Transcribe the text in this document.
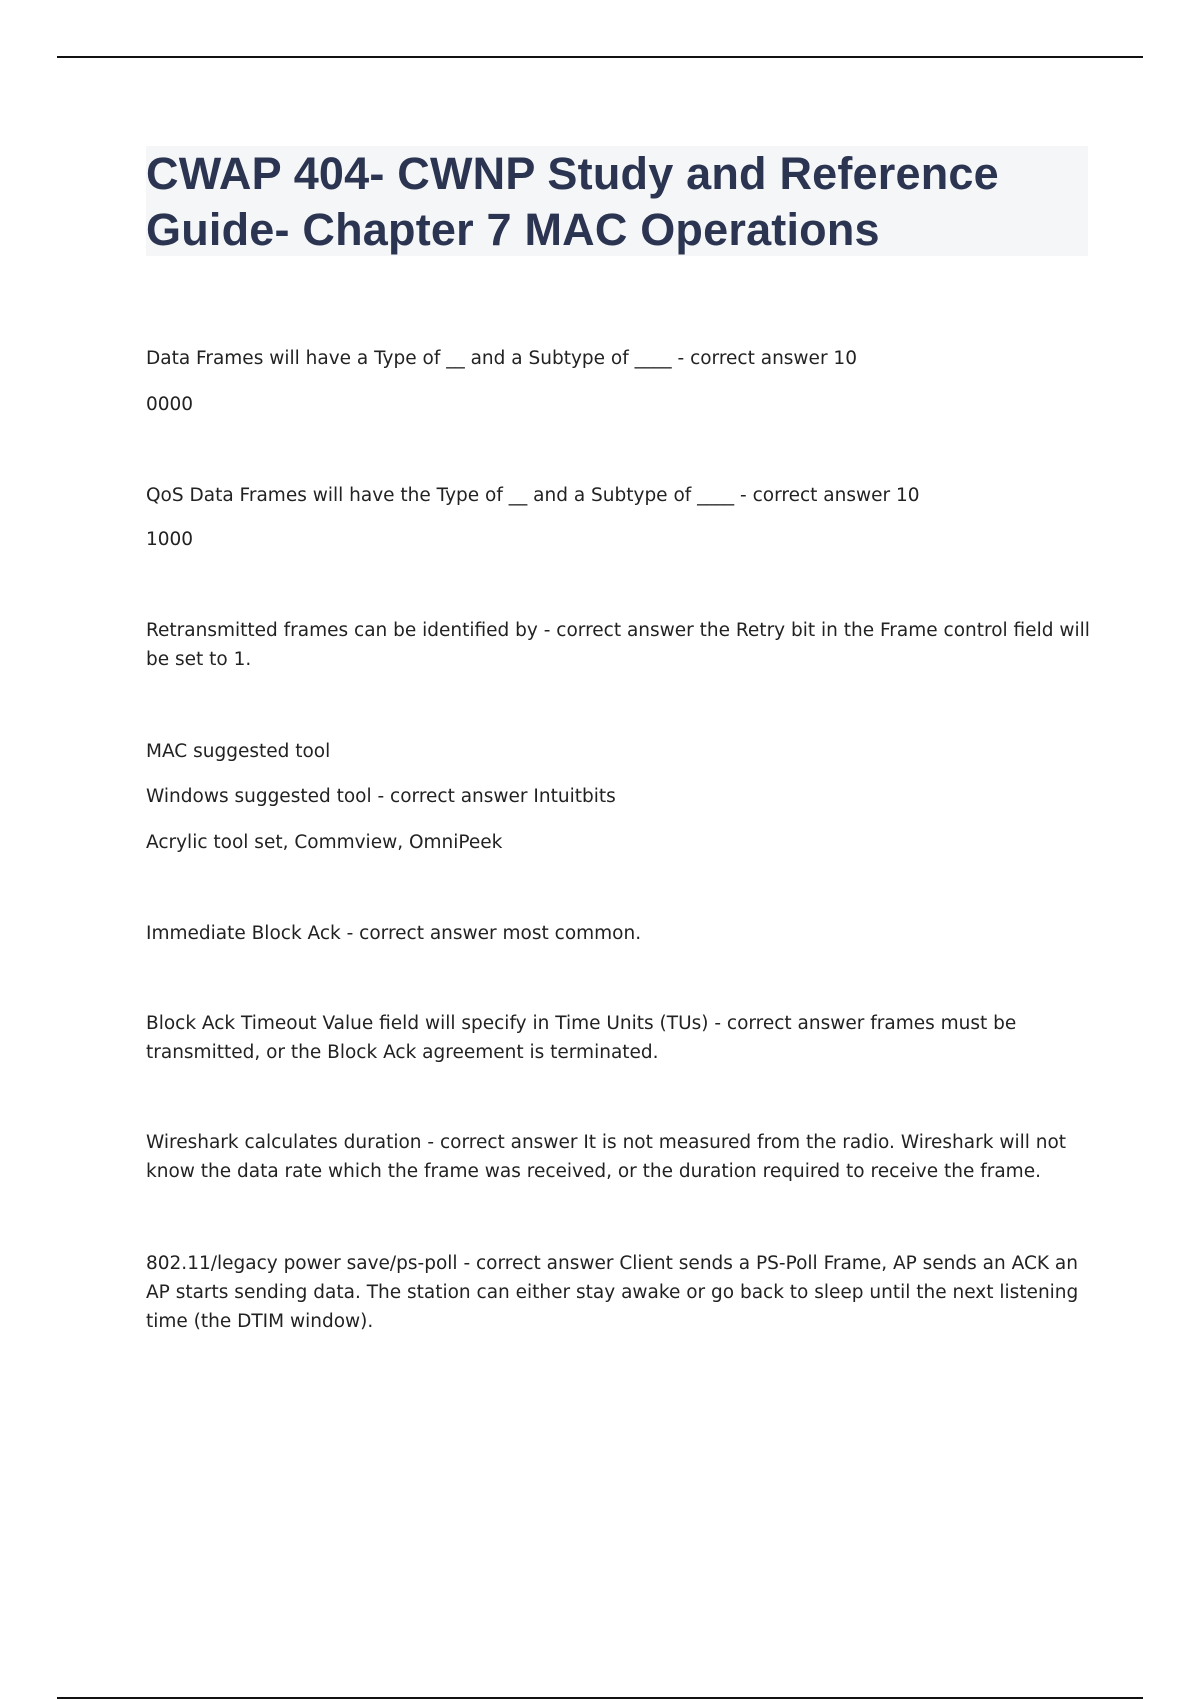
CWAP 404- CWNP Study and Reference
Guide- Chapter 7 MAC Operations

Data Frames will have a Type of __ and a Subtype of ____ - correct answer 10

0000

QoS Data Frames will have the Type of __ and a Subtype of ____ - correct answer 10

1000

Retransmitted frames can be identified by - correct answer the Retry bit in the Frame control field will be set to 1.

MAC suggested tool

Windows suggested tool - correct answer Intuitbits

Acrylic tool set, Commview, OmniPeek

Immediate Block Ack - correct answer most common.

Block Ack Timeout Value field will specify in Time Units (TUs) - correct answer frames must be transmitted, or the Block Ack agreement is terminated.

Wireshark calculates duration - correct answer It is not measured from the radio. Wireshark will not know the data rate which the frame was received, or the duration required to receive the frame.

802.11/legacy power save/ps-poll - correct answer Client sends a PS-Poll Frame, AP sends an ACK an AP starts sending data. The station can either stay awake or go back to sleep until the next listening time (the DTIM window).
